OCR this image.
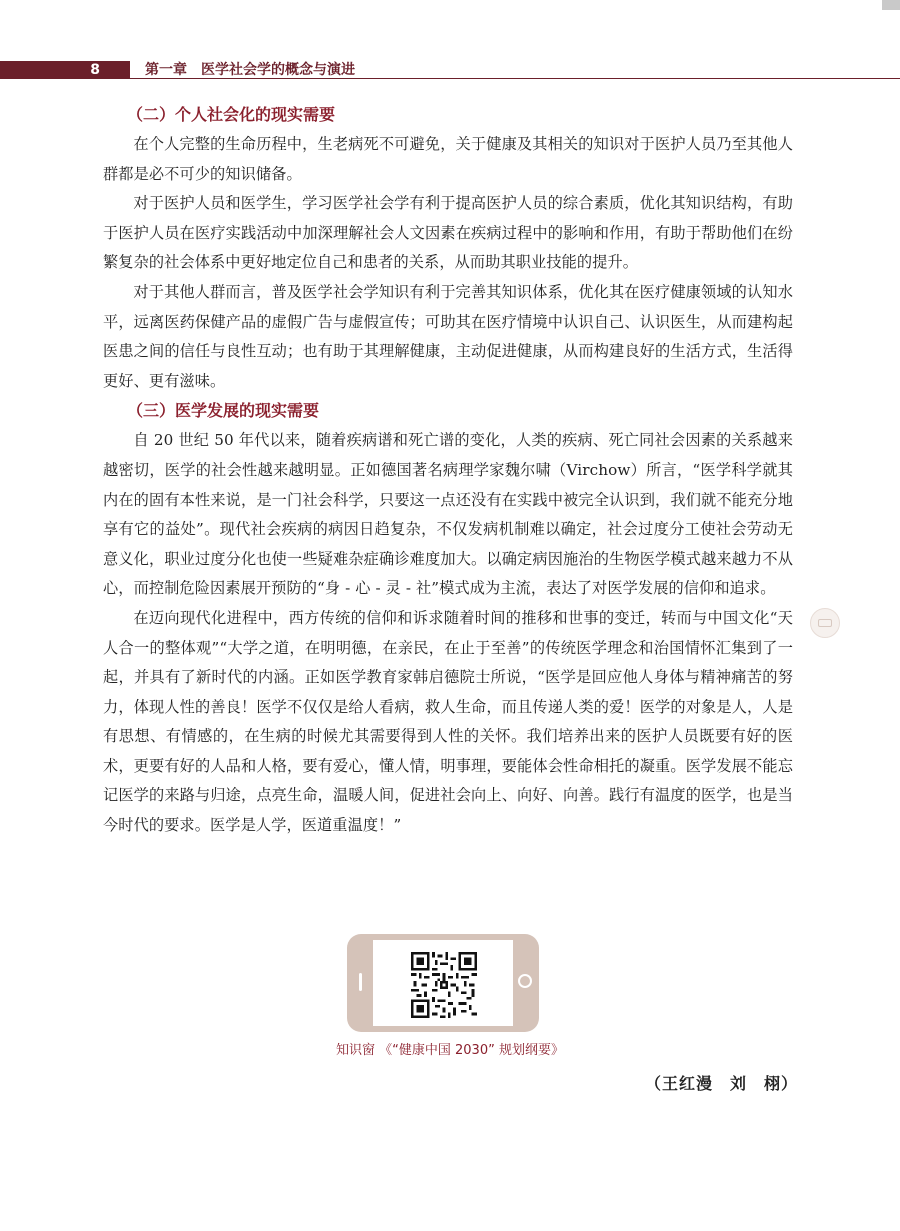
8	第一章　医学社会学的概念与演进
（二）个人社会化的现实需要

在个人完整的生命历程中，生老病死不可避免，关于健康及其相关的知识对于医护人员乃至其他人群都是必不可少的知识储备。

对于医护人员和医学生，学习医学社会学有利于提高医护人员的综合素质，优化其知识结构，有助于医护人员在医疗实践活动中加深理解社会人文因素在疾病过程中的影响和作用，有助于帮助他们在纷繁复杂的社会体系中更好地定位自己和患者的关系，从而助其职业技能的提升。

对于其他人群而言，普及医学社会学知识有利于完善其知识体系，优化其在医疗健康领域的认知水平，远离医药保健产品的虚假广告与虚假宣传；可助其在医疗情境中认识自己、认识医生，从而建构起医患之间的信任与良性互动；也有助于其理解健康，主动促进健康，从而构建良好的生活方式，生活得更好、更有滋味。

（三）医学发展的现实需要

自 20 世纪 50 年代以来，随着疾病谱和死亡谱的变化，人类的疾病、死亡同社会因素的关系越来越密切，医学的社会性越来越明显。正如德国著名病理学家魏尔啸（Virchow）所言，“医学科学就其内在的固有本性来说，是一门社会科学，只要这一点还没有在实践中被完全认识到，我们就不能充分地享有它的益处”。现代社会疾病的病因日趋复杂，不仅发病机制难以确定，社会过度分工使社会劳动无意义化，职业过度分化也使一些疑难杂症确诊难度加大。以确定病因施治的生物医学模式越来越力不从心，而控制危险因素展开预防的“身 - 心 - 灵 - 社”模式成为主流，表达了对医学发展的信仰和追求。

在迈向现代化进程中，西方传统的信仰和诉求随着时间的推移和世事的变迁，转而与中国文化“天人合一的整体观”“大学之道，在明明德，在亲民，在止于至善”的传统医学理念和治国情怀汇集到了一起，并具有了新时代的内涵。正如医学教育家韩启德院士所说，“医学是回应他人身体与精神痛苦的努力，体现人性的善良！医学不仅仅是给人看病，救人生命，而且传递人类的爱！医学的对象是人，人是有思想、有情感的，在生病的时候尤其需要得到人性的关怀。我们培养出来的医护人员既要有好的医术，更要有好的人品和人格，要有爱心，懂人情，明事理，要能体会性命相托的凝重。医学发展不能忘记医学的来路与归途，点亮生命，温暖人间，促进社会向上、向好、向善。践行有温度的医学，也是当今时代的要求。医学是人学，医道重温度！”

知识窗 《“健康中国 2030” 规划纲要》
（王红漫　刘　栩）
